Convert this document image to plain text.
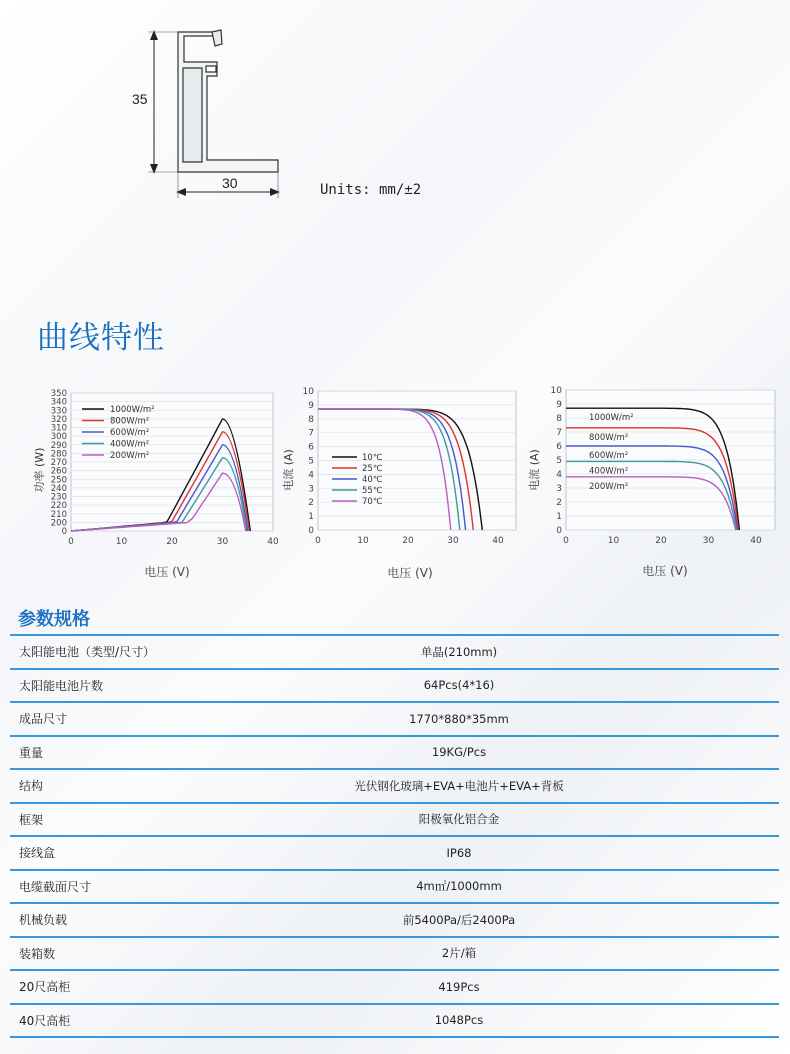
35
30	Units: mm/±2
曲线特性
0
200
210
220
230
240
250
260
270
280
290
300
310
320
330
340
350
0	10	20	30	40
1000W/m²
800W/m²
600W/m²
400W/m²
200W/m²
功率 (W)
电压 (V)
0
1
2
3
4
5
6
7
8
9
10
0	10	20	30	40
10℃
25℃
40℃
55℃
70℃
电流 (A)
电压 (V)
0
1
2
3
4
5
6
7
8
9
10
0	10	20	30	40
1000W/m²
800W/m²
600W/m²
400W/m²
200W/m²
电流 (A)
电压 (V)
参数规格
太阳能电池（类型/尺寸）	单晶(210mm)
太阳能电池片数	64Pcs(4*16)
成品尺寸	1770*880*35mm
重量	19KG/Pcs
结构	光伏钢化玻璃+EVA+电池片+EVA+背板
框架	阳极氧化铝合金
接线盒	IP68
电缆截面尺寸	4m㎡/1000mm
机械负载	前5400Pa/后2400Pa
装箱数	2片/箱
20尺高柜	419Pcs
40尺高柜	1048Pcs
